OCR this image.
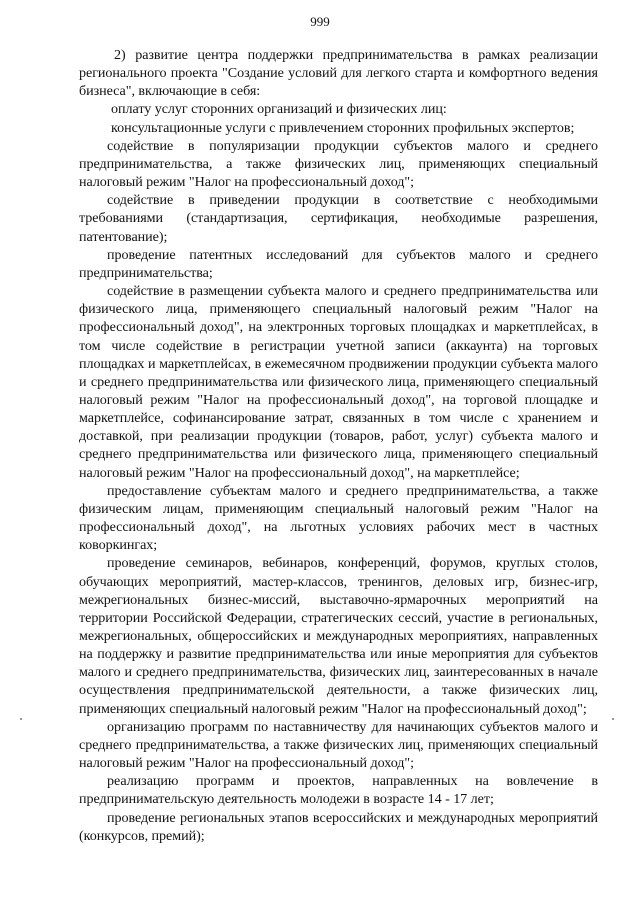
999

2) развитие центра поддержки предпринимательства в рамках реализации регионального проекта "Создание условий для легкого старта и комфортного ведения бизнеса", включающие в себя:

оплату услуг сторонних организаций и физических лиц:

консультационные услуги с привлечением сторонних профильных экспертов;

содействие в популяризации продукции субъектов малого и среднего предпринимательства, а также физических лиц, применяющих специальный налоговый режим "Налог на профессиональный доход";

содействие в приведении продукции в соответствие с необходимыми требованиями (стандартизация, сертификация, необходимые разрешения, патентование);

проведение патентных исследований для субъектов малого и среднего предпринимательства;

содействие в размещении субъекта малого и среднего предпринимательства или физического лица, применяющего специальный налоговый режим "Налог на профессиональный доход", на электронных торговых площадках и маркетплейсах, в том числе содействие в регистрации учетной записи (аккаунта) на торговых площадках и маркетплейсах, в ежемесячном продвижении продукции субъекта малого и среднего предпринимательства или физического лица, применяющего специальный налоговый режим "Налог на профессиональный доход", на торговой площадке и маркетплейсе, софинансирование затрат, связанных в том числе с хранением и доставкой, при реализации продукции (товаров, работ, услуг) субъекта малого и среднего предпринимательства или физического лица, применяющего специальный налоговый режим "Налог на профессиональный доход", на маркетплейсе;

предоставление субъектам малого и среднего предпринимательства, а также физическим лицам, применяющим специальный налоговый режим "Налог на профессиональный доход", на льготных условиях рабочих мест в частных коворкингах;

проведение семинаров, вебинаров, конференций, форумов, круглых столов, обучающих мероприятий, мастер-классов, тренингов, деловых игр, бизнес-игр, межрегиональных бизнес-миссий, выставочно-ярмарочных мероприятий на территории Российской Федерации, стратегических сессий, участие в региональных, межрегиональных, общероссийских и международных мероприятиях, направленных на поддержку и развитие предпринимательства или иные мероприятия для субъектов малого и среднего предпринимательства, физических лиц, заинтересованных в начале осуществления предпринимательской деятельности, а также физических лиц, применяющих специальный налоговый режим "Налог на профессиональный доход";

организацию программ по наставничеству для начинающих субъектов малого и среднего предпринимательства, а также физических лиц, применяющих специальный налоговый режим "Налог на профессиональный доход";

реализацию программ и проектов, направленных на вовлечение в предпринимательскую деятельность молодежи в возрасте 14 - 17 лет;

проведение региональных этапов всероссийских и международных мероприятий (конкурсов, премий);
